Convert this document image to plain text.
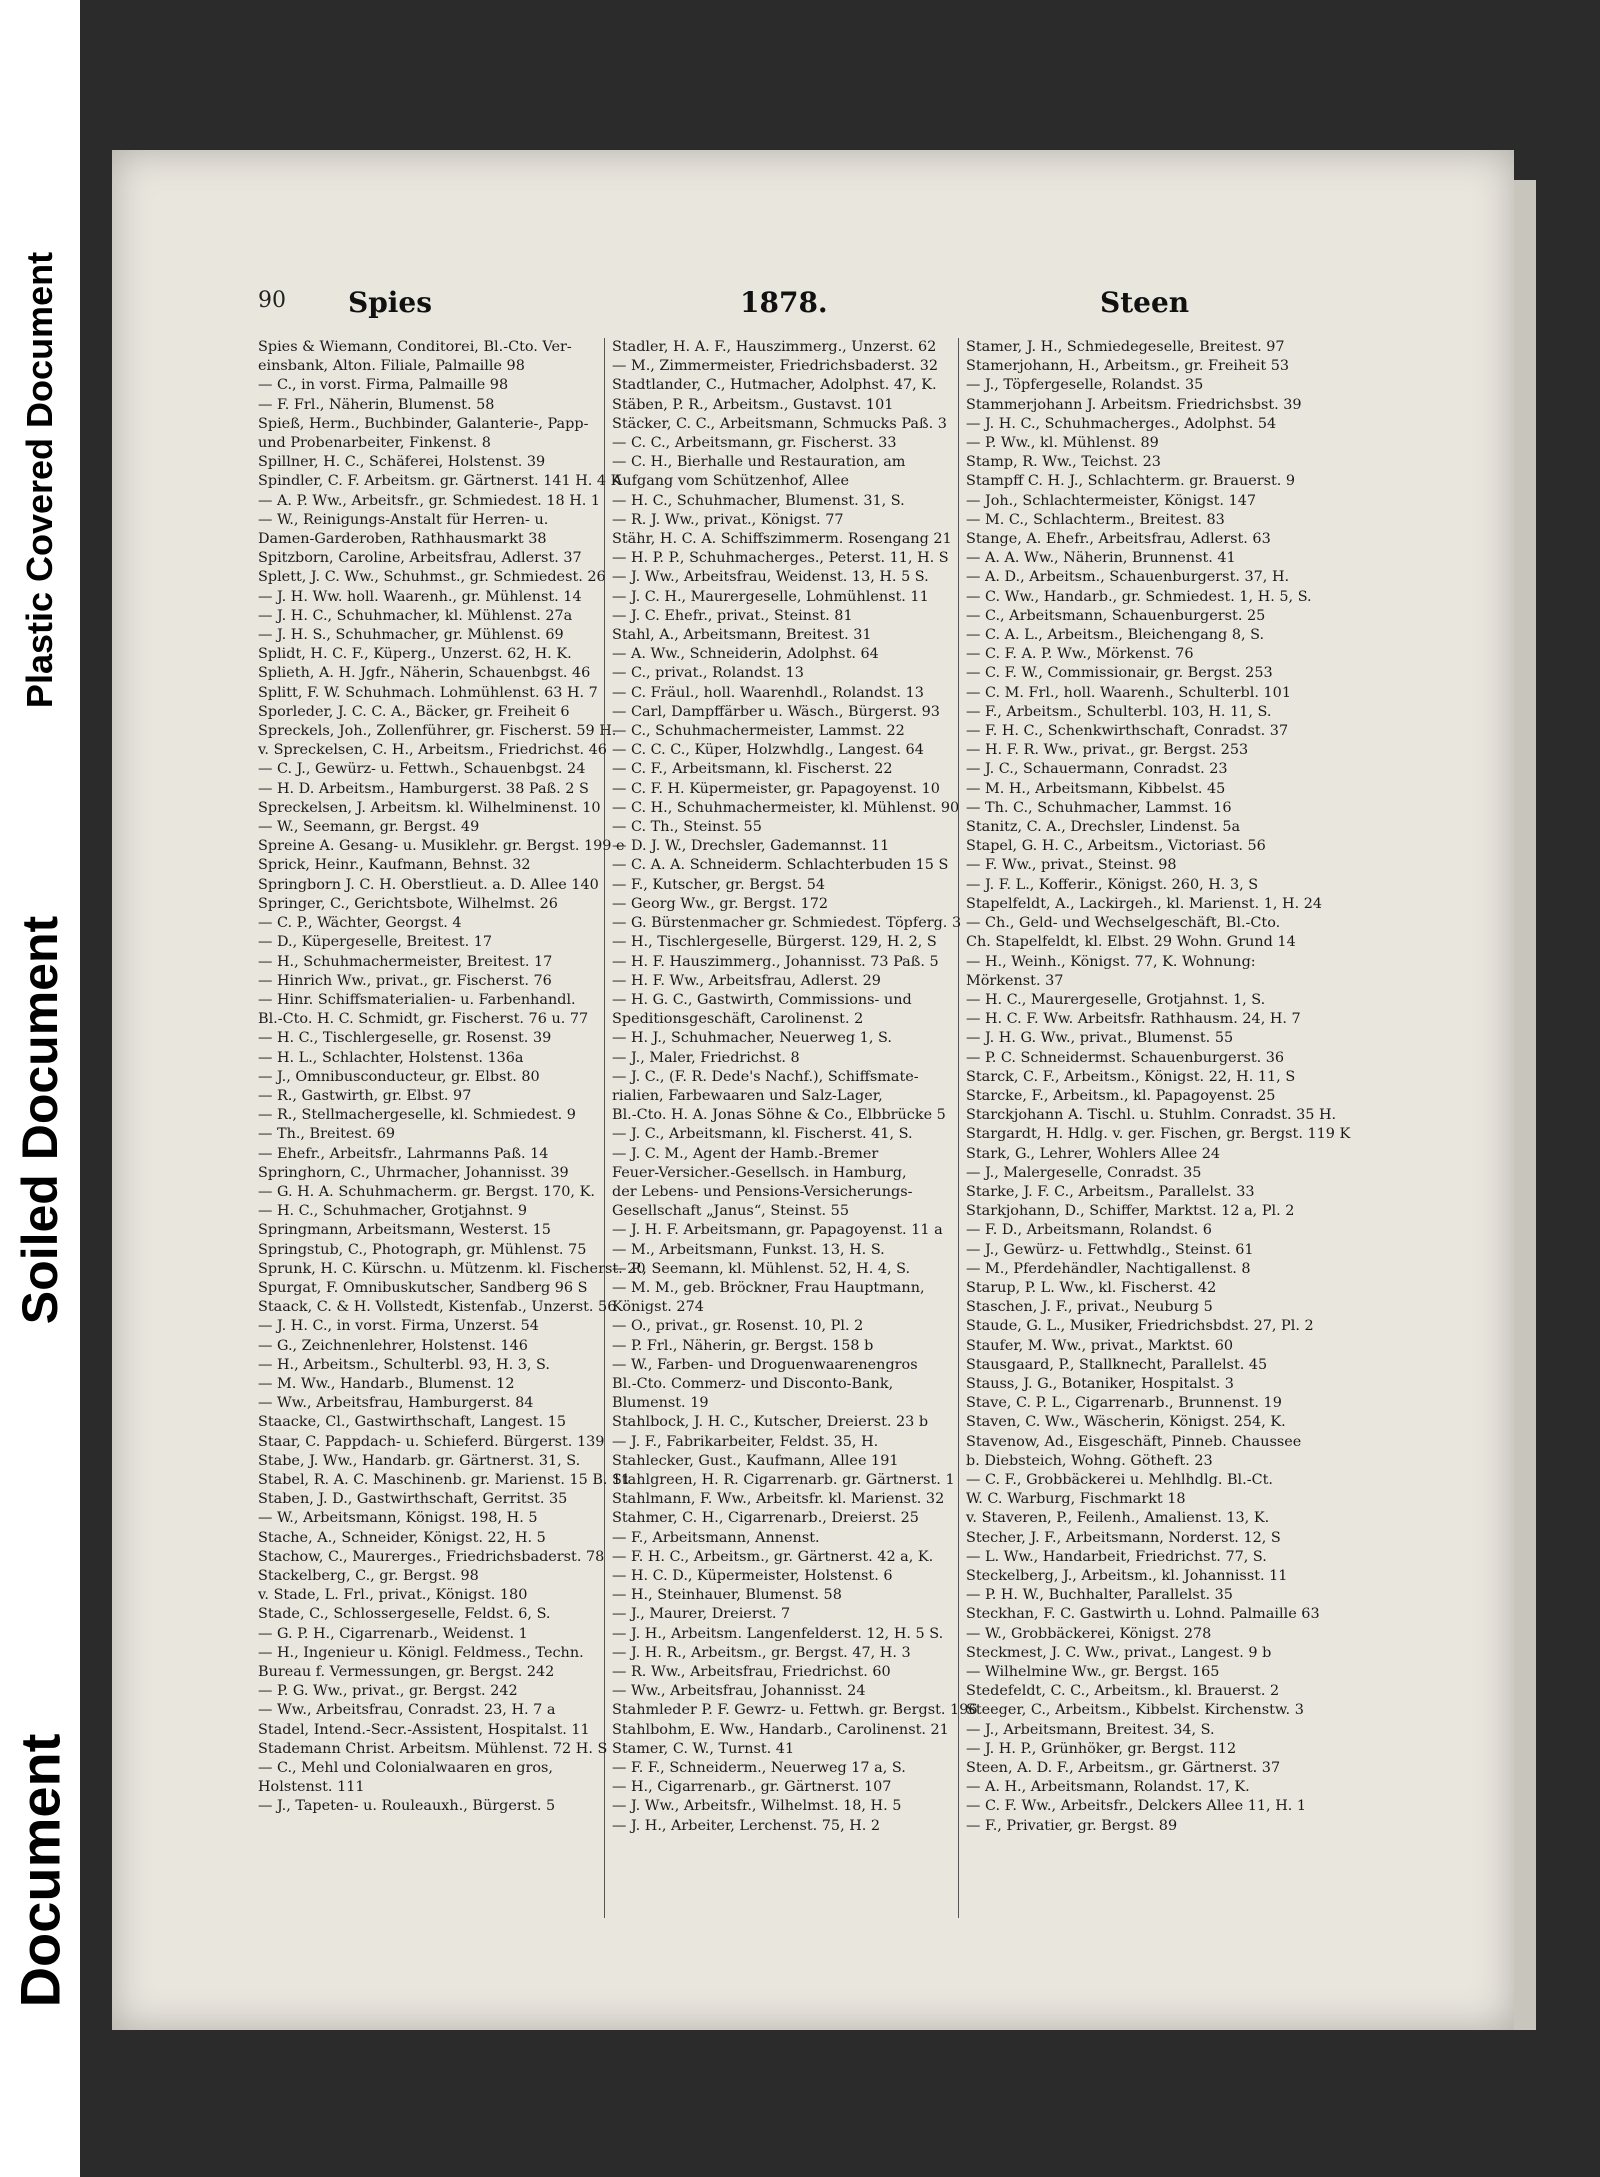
Plastic Covered Document
Soiled Document
Document
90 Spies	1878.	Steen
Spies & Wiemann, Conditorei, Bl.-Cto. Ver-
einsbank, Alton. Filiale, Palmaille 98
— C., in vorst. Firma, Palmaille 98
— F. Frl., Näherin, Blumenst. 58
Spieß, Herm., Buchbinder, Galanterie-, Papp-
und Probenarbeiter, Finkenst. 8
Spillner, H. C., Schäferei, Holstenst. 39
Spindler, C. F. Arbeitsm. gr. Gärtnerst. 141 H. 4 K
— A. P. Ww., Arbeitsfr., gr. Schmiedest. 18 H. 1
— W., Reinigungs-Anstalt für Herren- u.
Damen-Garderoben, Rathhausmarkt 38
Spitzborn, Caroline, Arbeitsfrau, Adlerst. 37
Splett, J. C. Ww., Schuhmst., gr. Schmiedest. 26
— J. H. Ww. holl. Waarenh., gr. Mühlenst. 14
— J. H. C., Schuhmacher, kl. Mühlenst. 27a
— J. H. S., Schuhmacher, gr. Mühlenst. 69
Splidt, H. C. F., Küperg., Unzerst. 62, H. K.
Splieth, A. H. Jgfr., Näherin, Schauenbgst. 46
Splitt, F. W. Schuhmach. Lohmühlenst. 63 H. 7
Sporleder, J. C. C. A., Bäcker, gr. Freiheit 6
Spreckels, Joh., Zollenführer, gr. Fischerst. 59 H.
v. Spreckelsen, C. H., Arbeitsm., Friedrichst. 46
— C. J., Gewürz- u. Fettwh., Schauenbgst. 24
— H. D. Arbeitsm., Hamburgerst. 38 Paß. 2 S
Spreckelsen, J. Arbeitsm. kl. Wilhelminenst. 10
— W., Seemann, gr. Bergst. 49
Spreine A. Gesang- u. Musiklehr. gr. Bergst. 199 e
Sprick, Heinr., Kaufmann, Behnst. 32
Springborn J. C. H. Oberstlieut. a. D. Allee 140
Springer, C., Gerichtsbote, Wilhelmst. 26
— C. P., Wächter, Georgst. 4
— D., Küpergeselle, Breitest. 17
— H., Schuhmachermeister, Breitest. 17
— Hinrich Ww., privat., gr. Fischerst. 76
— Hinr. Schiffsmaterialien- u. Farbenhandl.
Bl.-Cto. H. C. Schmidt, gr. Fischerst. 76 u. 77
— H. C., Tischlergeselle, gr. Rosenst. 39
— H. L., Schlachter, Holstenst. 136a
— J., Omnibusconducteur, gr. Elbst. 80
— R., Gastwirth, gr. Elbst. 97
— R., Stellmachergeselle, kl. Schmiedest. 9
— Th., Breitest. 69
— Ehefr., Arbeitsfr., Lahrmanns Paß. 14
Springhorn, C., Uhrmacher, Johannisst. 39
— G. H. A. Schuhmacherm. gr. Bergst. 170, K.
— H. C., Schuhmacher, Grotjahnst. 9
Springmann, Arbeitsmann, Westerst. 15
Springstub, C., Photograph, gr. Mühlenst. 75
Sprunk, H. C. Kürschn. u. Mützenm. kl. Fischerst. 20
Spurgat, F. Omnibuskutscher, Sandberg 96 S
Staack, C. & H. Vollstedt, Kistenfab., Unzerst. 56
— J. H. C., in vorst. Firma, Unzerst. 54
— G., Zeichnenlehrer, Holstenst. 146
— H., Arbeitsm., Schulterbl. 93, H. 3, S.
— M. Ww., Handarb., Blumenst. 12
— Ww., Arbeitsfrau, Hamburgerst. 84
Staacke, Cl., Gastwirthschaft, Langest. 15
Staar, C. Pappdach- u. Schieferd. Bürgerst. 139
Stabe, J. Ww., Handarb. gr. Gärtnerst. 31, S.
Stabel, R. A. C. Maschinenb. gr. Marienst. 15 B. 11
Staben, J. D., Gastwirthschaft, Gerritst. 35
— W., Arbeitsmann, Königst. 198, H. 5
Stache, A., Schneider, Königst. 22, H. 5
Stachow, C., Maurerges., Friedrichsbaderst. 78
Stackelberg, C., gr. Bergst. 98
v. Stade, L. Frl., privat., Königst. 180
Stade, C., Schlossergeselle, Feldst. 6, S.
— G. P. H., Cigarrenarb., Weidenst. 1
— H., Ingenieur u. Königl. Feldmess., Techn.
Bureau f. Vermessungen, gr. Bergst. 242
— P. G. Ww., privat., gr. Bergst. 242
— Ww., Arbeitsfrau, Conradst. 23, H. 7 a
Stadel, Intend.-Secr.-Assistent, Hospitalst. 11
Stademann Christ. Arbeitsm. Mühlenst. 72 H. S
— C., Mehl und Colonialwaaren en gros,
Holstenst. 111
— J., Tapeten- u. Rouleauxh., Bürgerst. 5
Stadler, H. A. F., Hauszimmerg., Unzerst. 62
— M., Zimmermeister, Friedrichsbaderst. 32
Stadtlander, C., Hutmacher, Adolphst. 47, K.
Stäben, P. R., Arbeitsm., Gustavst. 101
Stäcker, C. C., Arbeitsmann, Schmucks Paß. 3
— C. C., Arbeitsmann, gr. Fischerst. 33
— C. H., Bierhalle und Restauration, am
Aufgang vom Schützenhof, Allee
— H. C., Schuhmacher, Blumenst. 31, S.
— R. J. Ww., privat., Königst. 77
Stähr, H. C. A. Schiffszimmerm. Rosengang 21
— H. P. P., Schuhmacherges., Peterst. 11, H. S
— J. Ww., Arbeitsfrau, Weidenst. 13, H. 5 S.
— J. C. H., Maurergeselle, Lohmühlenst. 11
— J. C. Ehefr., privat., Steinst. 81
Stahl, A., Arbeitsmann, Breitest. 31
— A. Ww., Schneiderin, Adolphst. 64
— C., privat., Rolandst. 13
— C. Fräul., holl. Waarenhdl., Rolandst. 13
— Carl, Dampffärber u. Wäsch., Bürgerst. 93
— C., Schuhmachermeister, Lammst. 22
— C. C. C., Küper, Holzwhdlg., Langest. 64
— C. F., Arbeitsmann, kl. Fischerst. 22
— C. F. H. Küpermeister, gr. Papagoyenst. 10
— C. H., Schuhmachermeister, kl. Mühlenst. 90
— C. Th., Steinst. 55
— D. J. W., Drechsler, Gademannst. 11
— C. A. A. Schneiderm. Schlachterbuden 15 S
— F., Kutscher, gr. Bergst. 54
— Georg Ww., gr. Bergst. 172
— G. Bürstenmacher gr. Schmiedest. Töpferg. 3
— H., Tischlergeselle, Bürgerst. 129, H. 2, S
— H. F. Hauszimmerg., Johannisst. 73 Paß. 5
— H. F. Ww., Arbeitsfrau, Adlerst. 29
— H. G. C., Gastwirth, Commissions- und
Speditionsgeschäft, Carolinenst. 2
— H. J., Schuhmacher, Neuerweg 1, S.
— J., Maler, Friedrichst. 8
— J. C., (F. R. Dede's Nachf.), Schiffsmate-
rialien, Farbewaaren und Salz-Lager,
Bl.-Cto. H. A. Jonas Söhne & Co., Elbbrücke 5
— J. C., Arbeitsmann, kl. Fischerst. 41, S.
— J. C. M., Agent der Hamb.-Bremer
Feuer-Versicher.-Gesellsch. in Hamburg,
der Lebens- und Pensions-Versicherungs-
Gesellschaft „Janus“, Steinst. 55
— J. H. F. Arbeitsmann, gr. Papagoyenst. 11 a
— M., Arbeitsmann, Funkst. 13, H. S.
— P., Seemann, kl. Mühlenst. 52, H. 4, S.
— M. M., geb. Bröckner, Frau Hauptmann,
Königst. 274
— O., privat., gr. Rosenst. 10, Pl. 2
— P. Frl., Näherin, gr. Bergst. 158 b
— W., Farben- und Droguenwaarenengros
Bl.-Cto. Commerz- und Disconto-Bank,
Blumenst. 19
Stahlbock, J. H. C., Kutscher, Dreierst. 23 b
— J. F., Fabrikarbeiter, Feldst. 35, H.
Stahlecker, Gust., Kaufmann, Allee 191
Stahlgreen, H. R. Cigarrenarb. gr. Gärtnerst. 1
Stahlmann, F. Ww., Arbeitsfr. kl. Marienst. 32
Stahmer, C. H., Cigarrenarb., Dreierst. 25
— F., Arbeitsmann, Annenst.
— F. H. C., Arbeitsm., gr. Gärtnerst. 42 a, K.
— H. C. D., Küpermeister, Holstenst. 6
— H., Steinhauer, Blumenst. 58
— J., Maurer, Dreierst. 7
— J. H., Arbeitsm. Langenfelderst. 12, H. 5 S.
— J. H. R., Arbeitsm., gr. Bergst. 47, H. 3
— R. Ww., Arbeitsfrau, Friedrichst. 60
— Ww., Arbeitsfrau, Johannisst. 24
Stahmleder P. F. Gewrz- u. Fettwh. gr. Bergst. 196
Stahlbohm, E. Ww., Handarb., Carolinenst. 21
Stamer, C. W., Turnst. 41
— F. F., Schneiderm., Neuerweg 17 a, S.
— H., Cigarrenarb., gr. Gärtnerst. 107
— J. Ww., Arbeitsfr., Wilhelmst. 18, H. 5
— J. H., Arbeiter, Lerchenst. 75, H. 2
Stamer, J. H., Schmiedegeselle, Breitest. 97
Stamerjohann, H., Arbeitsm., gr. Freiheit 53
— J., Töpfergeselle, Rolandst. 35
Stammerjohann J. Arbeitsm. Friedrichsbst. 39
— J. H. C., Schuhmacherges., Adolphst. 54
— P. Ww., kl. Mühlenst. 89
Stamp, R. Ww., Teichst. 23
Stampff C. H. J., Schlachterm. gr. Brauerst. 9
— Joh., Schlachtermeister, Königst. 147
— M. C., Schlachterm., Breitest. 83
Stange, A. Ehefr., Arbeitsfrau, Adlerst. 63
— A. A. Ww., Näherin, Brunnenst. 41
— A. D., Arbeitsm., Schauenburgerst. 37, H.
— C. Ww., Handarb., gr. Schmiedest. 1, H. 5, S.
— C., Arbeitsmann, Schauenburgerst. 25
— C. A. L., Arbeitsm., Bleichengang 8, S.
— C. F. A. P. Ww., Mörkenst. 76
— C. F. W., Commissionair, gr. Bergst. 253
— C. M. Frl., holl. Waarenh., Schulterbl. 101
— F., Arbeitsm., Schulterbl. 103, H. 11, S.
— F. H. C., Schenkwirthschaft, Conradst. 37
— H. F. R. Ww., privat., gr. Bergst. 253
— J. C., Schauermann, Conradst. 23
— M. H., Arbeitsmann, Kibbelst. 45
— Th. C., Schuhmacher, Lammst. 16
Stanitz, C. A., Drechsler, Lindenst. 5a
Stapel, G. H. C., Arbeitsm., Victoriast. 56
— F. Ww., privat., Steinst. 98
— J. F. L., Kofferir., Königst. 260, H. 3, S
Stapelfeldt, A., Lackirgeh., kl. Marienst. 1, H. 24
— Ch., Geld- und Wechselgeschäft, Bl.-Cto.
Ch. Stapelfeldt, kl. Elbst. 29 Wohn. Grund 14
— H., Weinh., Königst. 77, K. Wohnung:
Mörkenst. 37
— H. C., Maurergeselle, Grotjahnst. 1, S.
— H. C. F. Ww. Arbeitsfr. Rathhausm. 24, H. 7
— J. H. G. Ww., privat., Blumenst. 55
— P. C. Schneidermst. Schauenburgerst. 36
Starck, C. F., Arbeitsm., Königst. 22, H. 11, S
Starcke, F., Arbeitsm., kl. Papagoyenst. 25
Starckjohann A. Tischl. u. Stuhlm. Conradst. 35 H.
Stargardt, H. Hdlg. v. ger. Fischen, gr. Bergst. 119 K
Stark, G., Lehrer, Wohlers Allee 24
— J., Malergeselle, Conradst. 35
Starke, J. F. C., Arbeitsm., Parallelst. 33
Starkjohann, D., Schiffer, Marktst. 12 a, Pl. 2
— F. D., Arbeitsmann, Rolandst. 6
— J., Gewürz- u. Fettwhdlg., Steinst. 61
— M., Pferdehändler, Nachtigallenst. 8
Starup, P. L. Ww., kl. Fischerst. 42
Staschen, J. F., privat., Neuburg 5
Staude, G. L., Musiker, Friedrichsbdst. 27, Pl. 2
Staufer, M. Ww., privat., Marktst. 60
Stausgaard, P., Stallknecht, Parallelst. 45
Stauss, J. G., Botaniker, Hospitalst. 3
Stave, C. P. L., Cigarrenarb., Brunnenst. 19
Staven, C. Ww., Wäscherin, Königst. 254, K.
Stavenow, Ad., Eisgeschäft, Pinneb. Chaussee
b. Diebsteich, Wohng. Götheft. 23
— C. F., Grobbäckerei u. Mehlhdlg. Bl.-Ct.
W. C. Warburg, Fischmarkt 18
v. Staveren, P., Feilenh., Amalienst. 13, K.
Stecher, J. F., Arbeitsmann, Norderst. 12, S
— L. Ww., Handarbeit, Friedrichst. 77, S.
Steckelberg, J., Arbeitsm., kl. Johannisst. 11
— P. H. W., Buchhalter, Parallelst. 35
Steckhan, F. C. Gastwirth u. Lohnd. Palmaille 63
— W., Grobbäckerei, Königst. 278
Steckmest, J. C. Ww., privat., Langest. 9 b
— Wilhelmine Ww., gr. Bergst. 165
Stedefeldt, C. C., Arbeitsm., kl. Brauerst. 2
Steeger, C., Arbeitsm., Kibbelst. Kirchenstw. 3
— J., Arbeitsmann, Breitest. 34, S.
— J. H. P., Grünhöker, gr. Bergst. 112
Steen, A. D. F., Arbeitsm., gr. Gärtnerst. 37
— A. H., Arbeitsmann, Rolandst. 17, K.
— C. F. Ww., Arbeitsfr., Delckers Allee 11, H. 1
— F., Privatier, gr. Bergst. 89
